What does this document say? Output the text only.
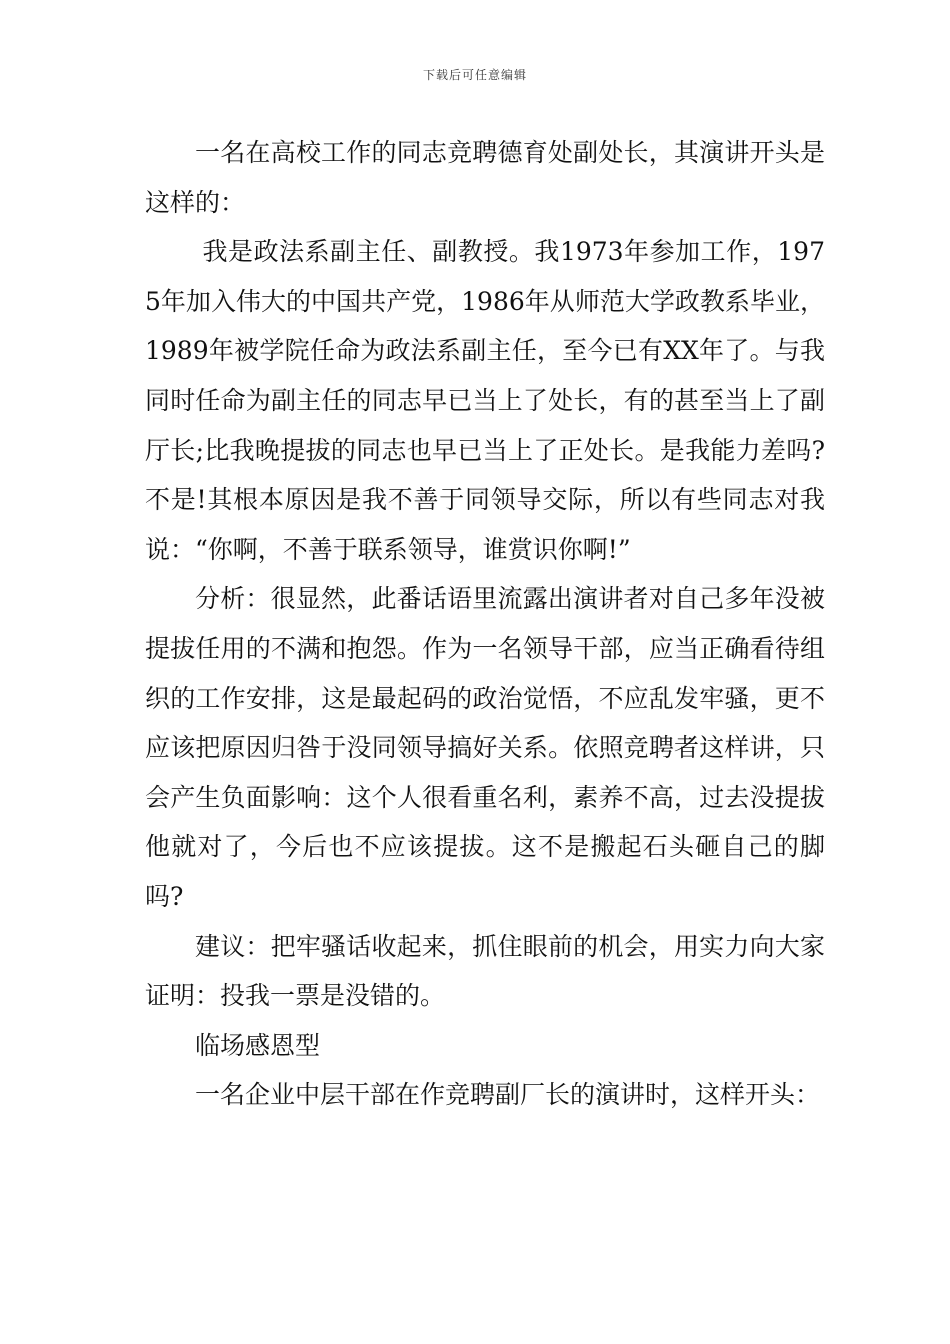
下载后可任意编辑

一名在高校工作的同志竞聘德育处副处长，其演讲开头是这样的：

我是政法系副主任、副教授。我1973年参加工作，1975年加入伟大的中国共产党，1986年从师范大学政教系毕业，1989年被学院任命为政法系副主任，至今已有XX年了。与我同时任命为副主任的同志早已当上了处长，有的甚至当上了副厅长;比我晚提拔的同志也早已当上了正处长。是我能力差吗?不是!其根本原因是我不善于同领导交际，所以有些同志对我说：“你啊，不善于联系领导，谁赏识你啊!”

分析：很显然，此番话语里流露出演讲者对自己多年没被提拔任用的不满和抱怨。作为一名领导干部，应当正确看待组织的工作安排，这是最起码的政治觉悟，不应乱发牢骚，更不应该把原因归咎于没同领导搞好关系。依照竞聘者这样讲，只会产生负面影响：这个人很看重名利，素养不高，过去没提拔他就对了，今后也不应该提拔。这不是搬起石头砸自己的脚吗?

建议：把牢骚话收起来，抓住眼前的机会，用实力向大家证明：投我一票是没错的。

临场感恩型

一名企业中层干部在作竞聘副厂长的演讲时，这样开头：
